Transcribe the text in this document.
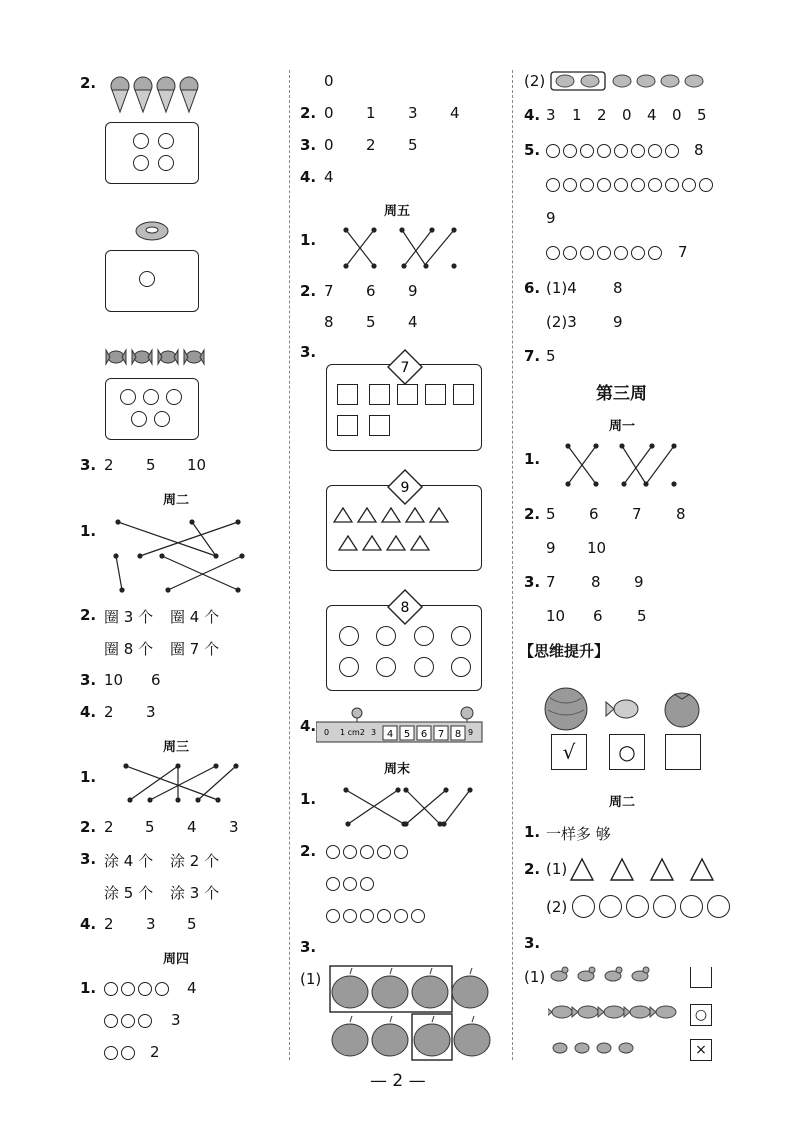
2.
3. 2 5 10
周二
1.
2. 圈 3 个 圈 4 个
圈 8 个 圈 7 个
3. 10 6
4. 2 3
周三
1.
2. 2 5 4 3
3. 涂 4 个 涂 2 个
涂 5 个 涂 3 个
4. 2 3 5
周四
1.	4
3
2
0
2. 0 1 3 4
3. 0 2 5
4. 4
周五
1.
2. 7 6 9
8 5 4
3.
7
9
8
4. 0 1 cm2 3 4 5 6 7 8 9
周末
1.
2.
3.
(1)
(2)
4. 3 1 2 0 4 0 5
5.	8
9
7
6. (1)4 8
(2)3 9
7. 5
第三周
周一
1.
2. 5 6 7 8
9 10
3. 7 8 9
10 6 5
【思维提升】
√	○
周二
1. 一样多 够
2. (1)
(2)
3.
(1)
○
×
— 2 —
